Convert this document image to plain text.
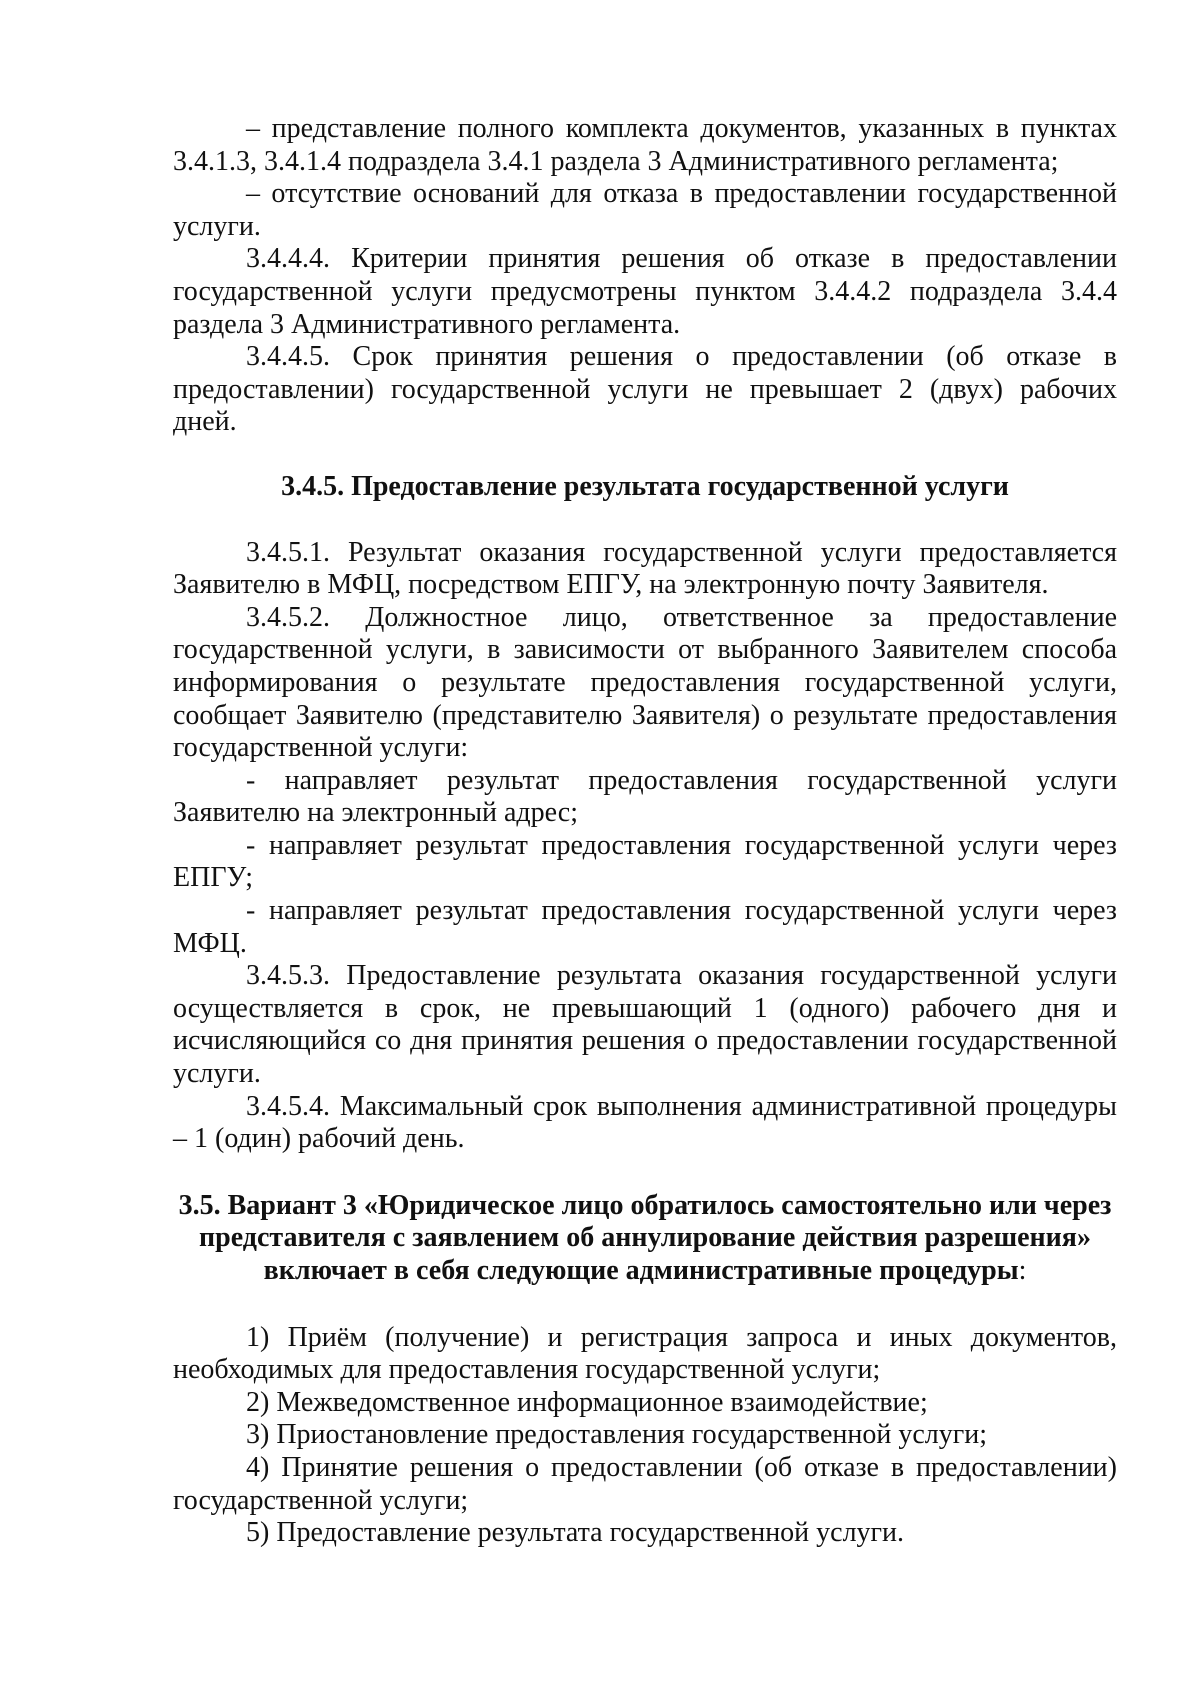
– представление полного комплекта документов, указанных в пунктах 3.4.1.3, 3.4.1.4 подраздела 3.4.1 раздела 3 Административного регламента;

– отсутствие оснований для отказа в предоставлении государственной услуги.

3.4.4.4. Критерии принятия решения об отказе в предоставлении государственной услуги предусмотрены пунктом 3.4.4.2 подраздела 3.4.4 раздела 3 Административного регламента.

3.4.4.5. Срок принятия решения о предоставлении (об отказе в предоставлении) государственной услуги не превышает 2 (двух) рабочих дней.

3.4.5. Предоставление результата государственной услуги

3.4.5.1. Результат оказания государственной услуги предоставляется Заявителю в МФЦ, посредством ЕПГУ, на электронную почту Заявителя.

3.4.5.2. Должностное лицо, ответственное за предоставление государственной услуги, в зависимости от выбранного Заявителем способа информирования о результате предоставления государственной услуги, сообщает Заявителю (представителю Заявителя) о результате предоставления государственной услуги:

- направляет результат предоставления государственной услуги Заявителю на электронный адрес;

- направляет результат предоставления государственной услуги через ЕПГУ;

- направляет результат предоставления государственной услуги через МФЦ.

3.4.5.3. Предоставление результата оказания государственной услуги осуществляется в срок, не превышающий 1 (одного) рабочего дня и исчисляющийся со дня принятия решения о предоставлении государственной услуги.

3.4.5.4. Максимальный срок выполнения административной процедуры – 1 (один) рабочий день.

3.5. Вариант 3 «Юридическое лицо обратилось самостоятельно или через представителя с заявлением об аннулирование действия разрешения» включает в себя следующие административные процедуры:

1) Приём (получение) и регистрация запроса и иных документов, необходимых для предоставления государственной услуги;

2) Межведомственное информационное взаимодействие;

3) Приостановление предоставления государственной услуги;

4) Принятие решения о предоставлении (об отказе в предоставлении) государственной услуги;

5) Предоставление результата государственной услуги.
